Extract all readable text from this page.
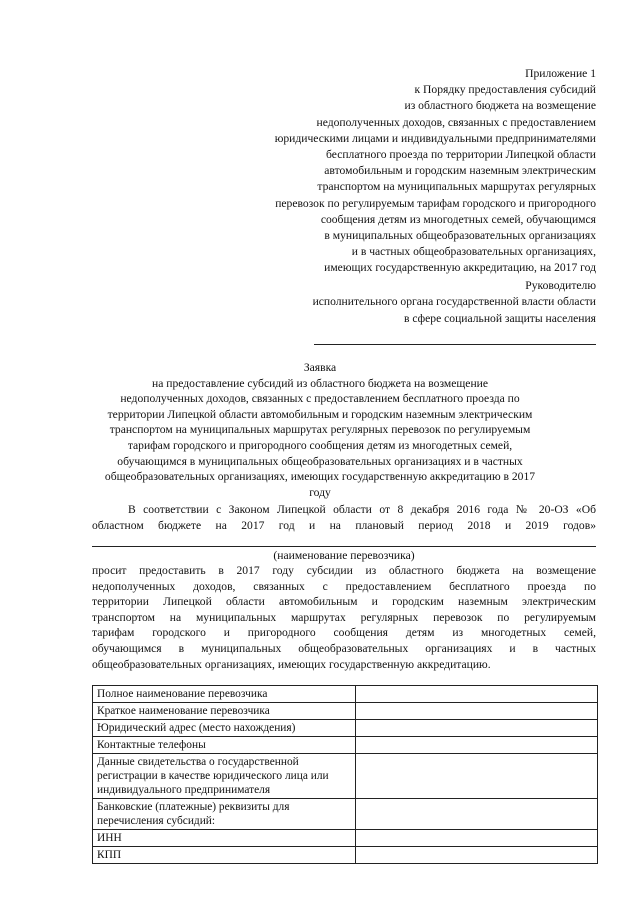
Приложение 1
к Порядку предоставления субсидий
из областного бюджета на возмещение
недополученных доходов, связанных с предоставлением
юридическими лицами и индивидуальными предпринимателями
бесплатного проезда по территории Липецкой области
автомобильным и городским наземным электрическим
транспортом на муниципальных маршрутах регулярных
перевозок по регулируемым тарифам городского и пригородного
сообщения детям из многодетных семей, обучающимся
в муниципальных общеобразовательных организациях
и в частных общеобразовательных организациях,
имеющих государственную аккредитацию, на 2017 год
Руководителю
исполнительного органа государственной власти области
в сфере социальной защиты населения
Заявка
на предоставление субсидий из областного бюджета на возмещение
недополученных доходов, связанных с предоставлением бесплатного проезда по
территории Липецкой области автомобильным и городским наземным электрическим
транспортом на муниципальных маршрутах регулярных перевозок по регулируемым
тарифам городского и пригородного сообщения детям из многодетных семей,
обучающимся в муниципальных общеобразовательных организациях и в частных
общеобразовательных организациях, имеющих государственную аккредитацию в 2017
году
В соответствии с Законом Липецкой области от 8 декабря 2016 года № 20-ОЗ «Об
областном бюджете на 2017 год и на плановый период 2018 и 2019 годов»
(наименование перевозчика)
просит предоставить в 2017 году субсидии из областного бюджета на возмещение
недополученных доходов, связанных с предоставлением бесплатного проезда по
территории Липецкой области автомобильным и городским наземным электрическим
транспортом на муниципальных маршрутах регулярных перевозок по регулируемым
тарифам городского и пригородного сообщения детям из многодетных семей,
обучающимся в муниципальных общеобразовательных организациях и в частных
общеобразовательных организациях, имеющих государственную аккредитацию.
Полное наименование перевозчика	
Краткое наименование перевозчика	
Юридический адрес (место нахождения)	
Контактные телефоны	
Данные свидетельства о государственной регистрации в качестве юридического лица или индивидуального предпринимателя	
Банковские (платежные) реквизиты для перечисления субсидий:	
ИНН	
КПП	
